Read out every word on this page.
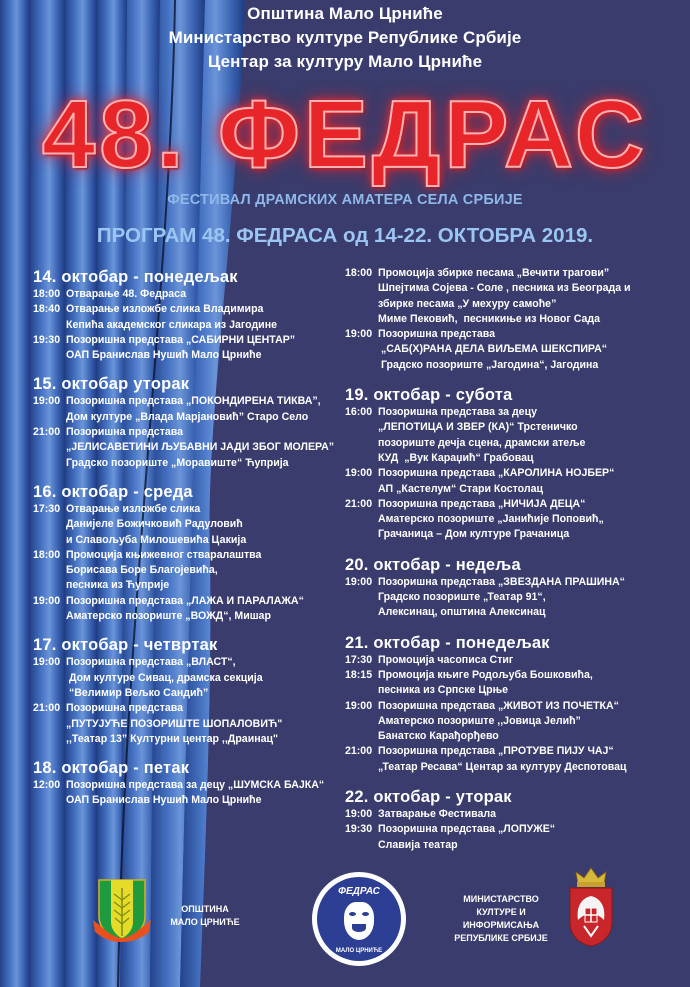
Општина Мало Црниће
Министарство културе Републике Србије
Центар за културу Мало Црниће
48. ФЕДРАС
ФЕСТИВАЛ ДРАМСКИХ АМАТЕРА СЕЛА СРБИЈЕ
ПРОГРАМ 48. ФЕДРАСА од 14-22. ОКТОБРА 2019.
14. октобар - понедељак
18:00 Отварање 48. Федраса
18:40 Отварање изложбе слика Владимира
Кепића академског сликара из Јагодине
19:30 Позоришна представа „САБИРНИ ЦЕНТАР”
ОАП Бранислав Нушић Мало Црниће
15. октобар уторак
19:00 Позоришна представа „ПОКОНДИРЕНА ТИКВА”,
Дом културе „Влада Марјановић” Старо Село
21:00 Позоришна представа
„ЈЕЛИСАВЕТИНИ ЉУБАВНИ ЈАДИ ЗБОГ МОЛЕРА”
Градско позориште „Моравиште“ Ћуприја
16. октобар - среда
17:30 Отварање изложбе слика
Данијеле Божичковић Радуловић
и Славољуба Милошевића Цакија
18:00 Промоција књижевног стваралаштва
Борисава Боре Благојевића,
песника из Ћуприје
19:00 Позоришна представа „ЛАЖА И ПАРАЛАЖА“
Аматерско позориште „ВОЖД“, Мишар
17. октобар - четвртак
19:00 Позоришна представа „ВЛАСТ“,
Дом културе Сивац, драмска секција
“Велимир Вељко Сандић”
21:00 Позоришна представа
„ПУТУЈУЋЕ ПОЗОРИШТЕ ШОПАЛОВИЋ"
,,Театар 13” Културни центар ,,Драинац"
18. октобар - петак
12:00 Позоришна представа за децу „ШУМСКА БАЈКА“
ОАП Бранислав Нушић Мало Црниће
18:00 Промоција збирке песама „Вечити трагови”
Шпејтима Сојева - Соле , песника из Београда и
збирке песама „У мехуру самоће”
Миме Пековић,  песникиње из Новог Сада
19:00 Позоришна представа
„САБ(Х)РАНА ДЕЛА ВИЉЕМА ШЕКСПИРА“
Градско позориште „Јагодина“, Јагодина
19. октобар - субота
16:00 Позоришна представа за децу
„ЛЕПОТИЦА И ЗВЕР (КА)“ Трстеничко
позориште дечја сцена, драмски атеље
КУД  „Вук Караџић“ Грабовац
19:00 Позоришна представа „КАРОЛИНА НОЈБЕР“
АП „Кастелум“ Стари Костолац
21:00 Позоришна представа „НИЧИЈА ДЕЦА“
Аматерско позориште „Јанићије Поповић„
Грачаница – Дом културе Грачаница
20. октобар - недеља
19:00 Позоришна представа „ЗВЕЗДАНА ПРАШИНА“
Градско позориште „Театар 91“,
Алексинац, општина Алексинац
21. октобар - понедељак
17:30 Промоција часописа Стиг
18:15 Промоција књиге Родољуба Бошковића,
песника из Српске Црње
19:00 Позоришна представа „ЖИВОТ ИЗ ПОЧЕТКА“
Аматерско позориште ,,Јовица Јелић”
Банатско Карађорђево
21:00 Позоришна представа „ПРОТУВЕ ПИЈУ ЧАЈ“
„Театар Ресава“ Центар за културу Деспотовац
22. октобар - уторак
19:00 Затварање Фестивала
19:30 Позоришна представа „ЛОПУЖЕ“
Славија театар
ОПШТИНА
МАЛО ЦРНИЋЕ
ФЕДРАС
МАЛО ЦРНИЋЕ
МИНИСТАРСТВО
КУЛТУРЕ И
ИНФОРМИСАЊА
РЕПУБЛИКЕ СРБИЈЕ
